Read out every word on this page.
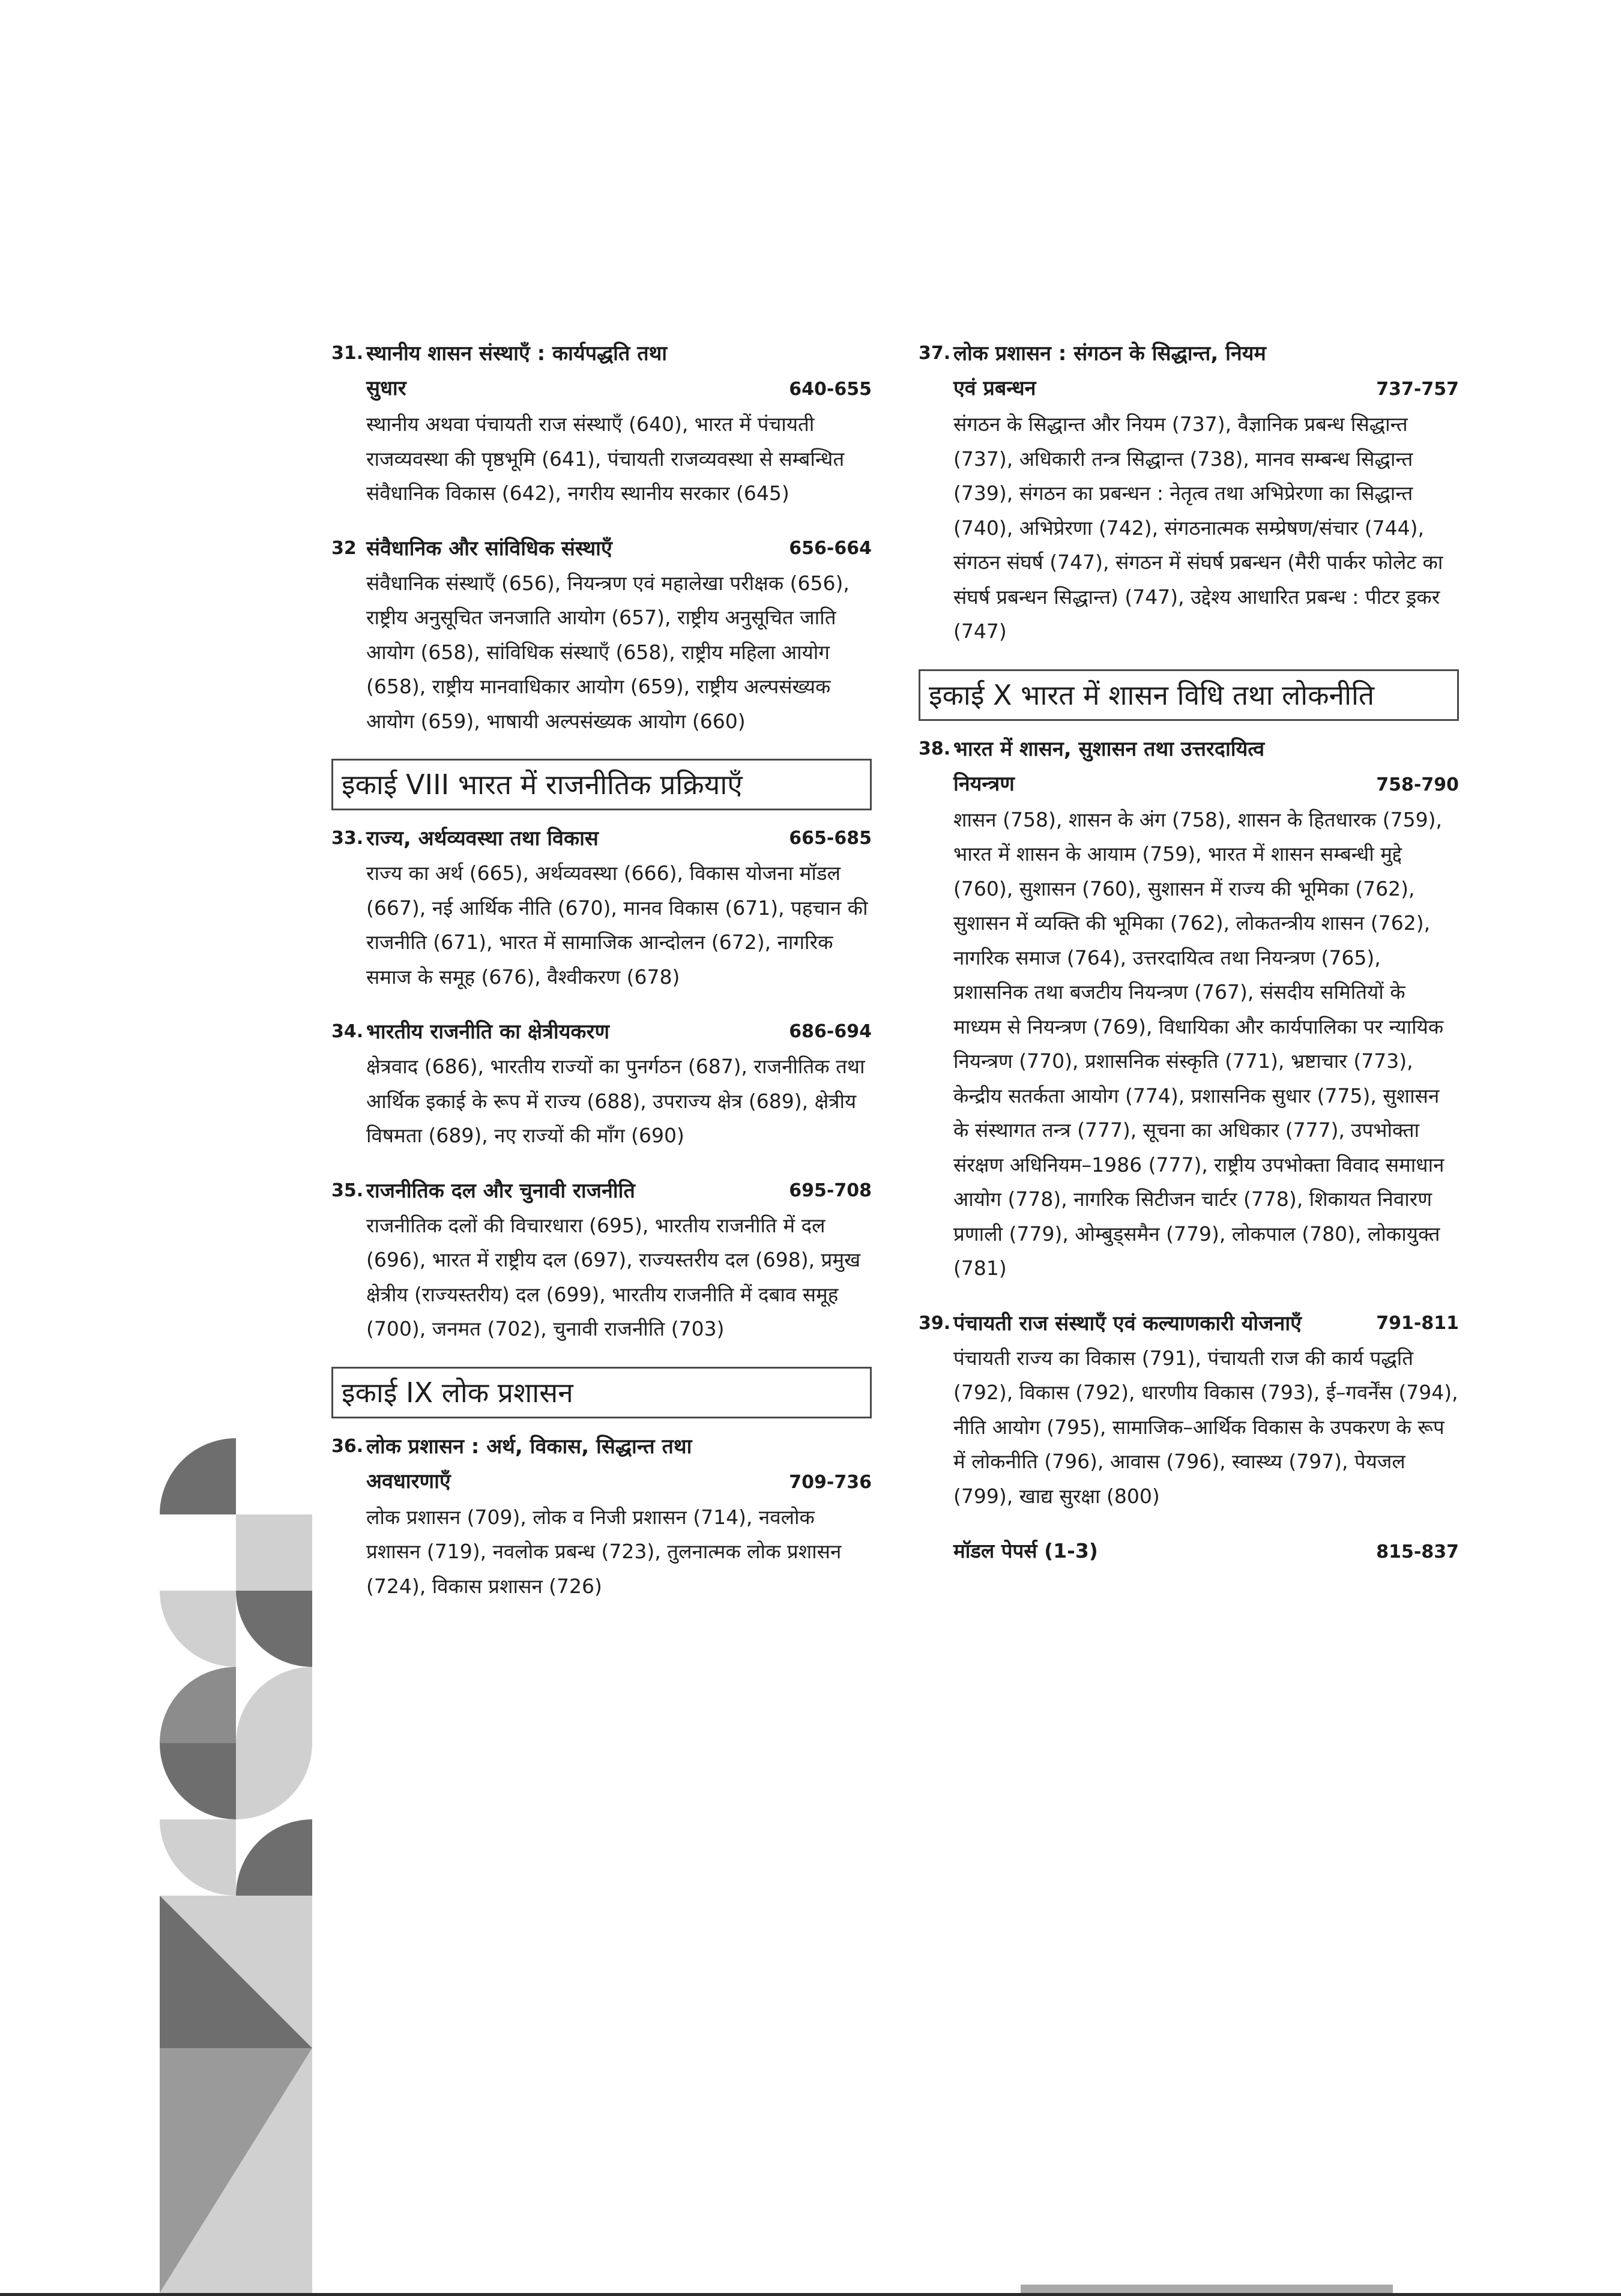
31. स्थानीय शासन संस्थाएँ : कार्यपद्धति तथा
सुधार	640-655
स्थानीय अथवा पंचायती राज संस्थाएँ (640), भारत में पंचायती राजव्यवस्था की पृष्ठभूमि (641), पंचायती राजव्यवस्था से सम्बन्धित संवैधानिक विकास (642), नगरीय स्थानीय सरकार (645)
32 संवैधानिक और सांविधिक संस्थाएँ	656-664
संवैधानिक संस्थाएँ (656), नियन्त्रण एवं महालेखा परीक्षक (656), राष्ट्रीय अनुसूचित जनजाति आयोग (657), राष्ट्रीय अनुसूचित जाति आयोग (658), सांविधिक संस्थाएँ (658), राष्ट्रीय महिला आयोग (658), राष्ट्रीय मानवाधिकार आयोग (659), राष्ट्रीय अल्पसंख्यक आयोग (659), भाषायी अल्पसंख्यक आयोग (660)
इकाई VIII भारत में राजनीतिक प्रक्रियाएँ
33. राज्य, अर्थव्यवस्था तथा विकास	665-685
राज्य का अर्थ (665), अर्थव्यवस्था (666), विकास योजना मॉडल (667), नई आर्थिक नीति (670), मानव विकास (671), पहचान की राजनीति (671), भारत में सामाजिक आन्दोलन (672), नागरिक समाज के समूह (676), वैश्वीकरण (678)
34. भारतीय राजनीति का क्षेत्रीयकरण	686-694
क्षेत्रवाद (686), भारतीय राज्यों का पुनर्गठन (687), राजनीतिक तथा आर्थिक इकाई के रूप में राज्य (688), उपराज्य क्षेत्र (689), क्षेत्रीय विषमता (689), नए राज्यों की माँग (690)
35. राजनीतिक दल और चुनावी राजनीति	695-708
राजनीतिक दलों की विचारधारा (695), भारतीय राजनीति में दल (696), भारत में राष्ट्रीय दल (697), राज्यस्तरीय दल (698), प्रमुख क्षेत्रीय (राज्यस्तरीय) दल (699), भारतीय राजनीति में दबाव समूह (700), जनमत (702), चुनावी राजनीति (703)
इकाई IX लोक प्रशासन
36. लोक प्रशासन : अर्थ, विकास, सिद्धान्त तथा
अवधारणाएँ	709-736
लोक प्रशासन (709), लोक व निजी प्रशासन (714), नवलोक प्रशासन (719), नवलोक प्रबन्ध (723), तुलनात्मक लोक प्रशासन (724), विकास प्रशासन (726)
37. लोक प्रशासन : संगठन के सिद्धान्त, नियम
एवं प्रबन्धन	737-757
संगठन के सिद्धान्त और नियम (737), वैज्ञानिक प्रबन्ध सिद्धान्त (737), अधिकारी तन्त्र सिद्धान्त (738), मानव सम्बन्ध सिद्धान्त (739), संगठन का प्रबन्धन : नेतृत्व तथा अभिप्रेरणा का सिद्धान्त (740), अभिप्रेरणा (742), संगठनात्मक सम्प्रेषण/संचार (744), संगठन संघर्ष (747), संगठन में संघर्ष प्रबन्धन (मैरी पार्कर फोलेट का संघर्ष प्रबन्धन सिद्धान्त) (747), उद्देश्य आधारित प्रबन्ध : पीटर ड्रकर (747)
इकाई X भारत में शासन विधि तथा लोकनीति
38. भारत में शासन, सुशासन तथा उत्तरदायित्व
नियन्त्रण	758-790
शासन (758), शासन के अंग (758), शासन के हितधारक (759), भारत में शासन के आयाम (759), भारत में शासन सम्बन्धी मुद्दे (760), सुशासन (760), सुशासन में राज्य की भूमिका (762), सुशासन में व्यक्ति की भूमिका (762), लोकतन्त्रीय शासन (762), नागरिक समाज (764), उत्तरदायित्व तथा नियन्त्रण (765), प्रशासनिक तथा बजटीय नियन्त्रण (767), संसदीय समितियों के माध्यम से नियन्त्रण (769), विधायिका और कार्यपालिका पर न्यायिक नियन्त्रण (770), प्रशासनिक संस्कृति (771), भ्रष्टाचार (773), केन्द्रीय सतर्कता आयोग (774), प्रशासनिक सुधार (775), सुशासन के संस्थागत तन्त्र (777), सूचना का अधिकार (777), उपभोक्ता संरक्षण अधिनियम–1986 (777), राष्ट्रीय उपभोक्ता विवाद समाधान आयोग (778), नागरिक सिटीजन चार्टर (778), शिकायत निवारण प्रणाली (779), ओम्बुड्समैन (779), लोकपाल (780), लोकायुक्त (781)
39. पंचायती राज संस्थाएँ एवं कल्याणकारी योजनाएँ	791-811
पंचायती राज्य का विकास (791), पंचायती राज की कार्य पद्धति (792), विकास (792), धारणीय विकास (793), ई–गवर्नेंस (794), नीति आयोग (795), सामाजिक–आर्थिक विकास के उपकरण के रूप में लोकनीति (796), आवास (796), स्वास्थ्य (797), पेयजल (799), खाद्य सुरक्षा (800)
मॉडल पेपर्स (1-3)	815-837
